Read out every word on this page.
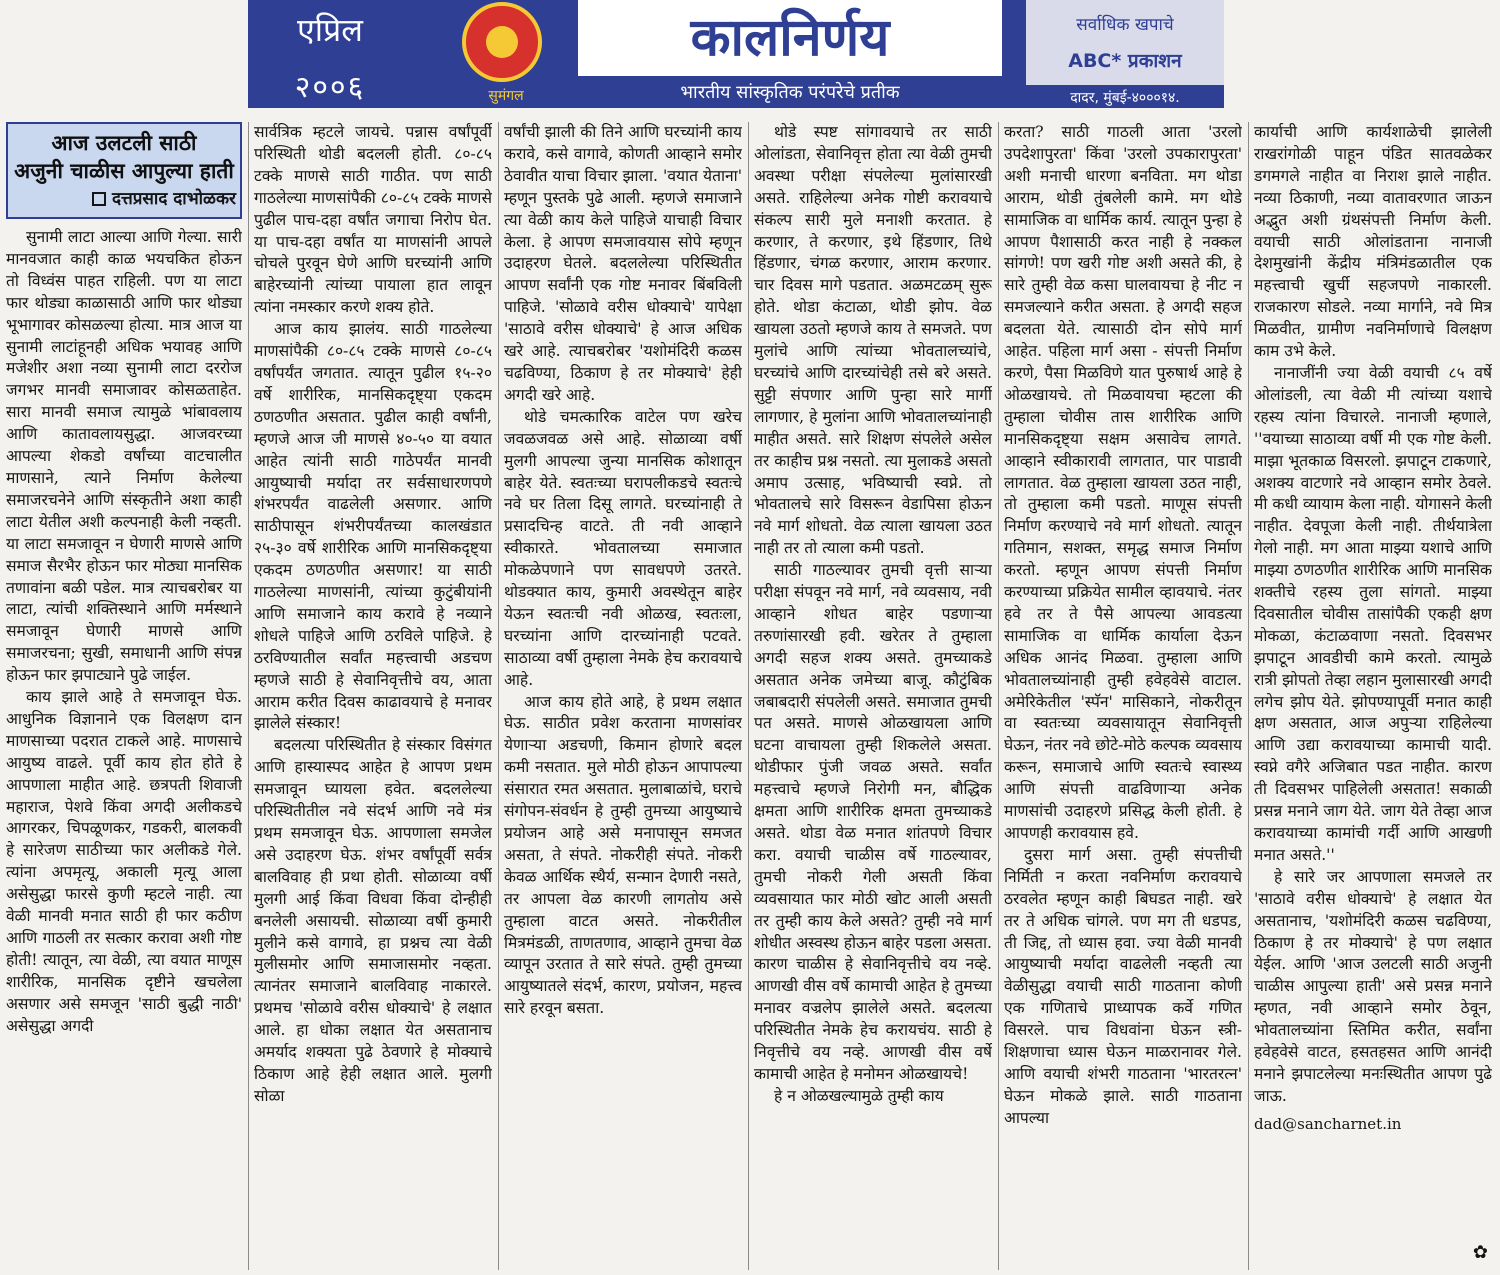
एप्रिल
२००६	सुमंगल
कालनिर्णय
भारतीय सांस्कृतिक परंपरेचे प्रतीक
सर्वाधिक खपाचे
ABC* प्रकाशन
दादर, मुंबई-४०००१४.
आज उलटली साठी
अजुनी चाळीस आपुल्या हाती
दत्तप्रसाद दाभोळकर

सुनामी लाटा आल्या आणि गेल्या. सारी मानवजात काही काळ भयचकित होऊन तो विध्वंस पाहत राहिली. पण या लाटा फार थोड्या काळासाठी आणि फार थोड्या भूभागावर कोसळल्या होत्या. मात्र आज या सुनामी लाटांहूनही अधिक भयावह आणि मजेशीर अशा नव्या सुनामी लाटा दररोज जगभर मानवी समाजावर कोसळताहेत. सारा मानवी समाज त्यामुळे भांबावलाय आणि कातावलायसुद्धा. आजवरच्या आपल्या शेकडो वर्षांच्या वाटचालीत माणसाने, त्याने निर्माण केलेल्या समाजरचनेने आणि संस्कृतीने अशा काही लाटा येतील अशी कल्पनाही केली नव्हती. या लाटा समजावून न घेणारी माणसे आणि समाज सैरभैर होऊन फार मोठ्या मानसिक तणावांना बळी पडेल. मात्र त्याचबरोबर या लाटा, त्यांची शक्तिस्थाने आणि मर्मस्थाने समजावून घेणारी माणसे आणि समाजरचना; सुखी, समाधानी आणि संपन्न होऊन फार झपाट्याने पुढे जाईल.

काय झाले आहे ते समजावून घेऊ. आधुनिक विज्ञानाने एक विलक्षण दान माणसाच्या पदरात टाकले आहे. माणसाचे आयुष्य वाढले. पूर्वी काय होत होते हे आपणाला माहीत आहे. छत्रपती शिवाजी महाराज, पेशवे किंवा अगदी अलीकडचे आगरकर, चिपळूणकर, गडकरी, बालकवी हे सारेजण साठीच्या फार अलीकडे गेले. त्यांना अपमृत्यू, अकाली मृत्यू आला असेसुद्धा फारसे कुणी म्हटले नाही. त्या वेळी मानवी मनात साठी ही फार कठीण आणि गाठली तर सत्कार करावा अशी गोष्ट होती! त्यातून, त्या वेळी, त्या वयात माणूस शारीरिक, मानसिक दृष्टीने खचलेला असणार असे समजून 'साठी बुद्धी नाठी' असेसुद्धा अगदी

सार्वत्रिक म्हटले जायचे. पन्नास वर्षांपूर्वी परिस्थिती थोडी बदलली होती. ८०-८५ टक्के माणसे साठी गाठीत. पण साठी गाठलेल्या माणसांपैकी ८०-८५ टक्के माणसे पुढील पाच-दहा वर्षांत जगाचा निरोप घेत. या पाच-दहा वर्षांत या माणसांनी आपले चोचले पुरवून घेणे आणि घरच्यांनी आणि बाहेरच्यांनी त्यांच्या पायाला हात लावून त्यांना नमस्कार करणे शक्य होते.

आज काय झालंय. साठी गाठलेल्या माणसांपैकी ८०-८५ टक्के माणसे ८०-८५ वर्षांपर्यंत जगतात. त्यातून पुढील १५-२० वर्षे शारीरिक, मानसिकदृष्ट्या एकदम ठणठणीत असतात. पुढील काही वर्षांनी, म्हणजे आज जी माणसे ४०-५० या वयात आहेत त्यांनी साठी गाठेपर्यंत मानवी आयुष्याची मर्यादा तर सर्वसाधारणपणे शंभरपर्यंत वाढलेली असणार. आणि साठीपासून शंभरीपर्यंतच्या कालखंडात २५-३० वर्षे शारीरिक आणि मानसिकदृष्ट्या एकदम ठणठणीत असणार! या साठी गाठलेल्या माणसांनी, त्यांच्या कुटुंबीयांनी आणि समाजाने काय करावे हे नव्याने शोधले पाहिजे आणि ठरविले पाहिजे. हे ठरविण्यातील सर्वांत महत्त्वाची अडचण म्हणजे साठी हे सेवानिवृत्तीचे वय, आता आराम करीत दिवस काढावयाचे हे मनावर झालेले संस्कार!

बदलत्या परिस्थितीत हे संस्कार विसंगत आणि हास्यास्पद आहेत हे आपण प्रथम समजावून घ्यायला हवेत. बदललेल्या परिस्थितीतील नवे संदर्भ आणि नवे मंत्र प्रथम समजावून घेऊ. आपणाला समजेल असे उदाहरण घेऊ. शंभर वर्षांपूर्वी सर्वत्र बालविवाह ही प्रथा होती. सोळाव्या वर्षी मुलगी आई किंवा विधवा किंवा दोन्हीही बनलेली असायची. सोळाव्या वर्षी कुमारी मुलीने कसे वागावे, हा प्रश्नच त्या वेळी मुलीसमोर आणि समाजासमोर नव्हता. त्यानंतर समाजाने बालविवाह नाकारले. प्रथमच 'सोळावे वरीस धोक्याचे' हे लक्षात आले. हा धोका लक्षात येत असतानाच अमर्याद शक्यता पुढे ठेवणारे हे मोक्याचे ठिकाण आहे हेही लक्षात आले. मुलगी सोळा

वर्षांची झाली की तिने आणि घरच्यांनी काय करावे, कसे वागावे, कोणती आव्हाने समोर ठेवावीत याचा विचार झाला. 'वयात येताना' म्हणून पुस्तके पुढे आली. म्हणजे समाजाने त्या वेळी काय केले पाहिजे याचाही विचार केला. हे आपण समजावयास सोपे म्हणून उदाहरण घेतले. बदललेल्या परिस्थितीत आपण सर्वांनी एक गोष्ट मनावर बिंबविली पाहिजे. 'सोळावे वरीस धोक्याचे' यापेक्षा 'साठावे वरीस धोक्याचे' हे आज अधिक खरे आहे. त्याचबरोबर 'यशोमंदिरी कळस चढविण्या, ठिकाण हे तर मोक्याचे' हेही अगदी खरे आहे.

थोडे चमत्कारिक वाटेल पण खरेच जवळजवळ असे आहे. सोळाव्या वर्षी मुलगी आपल्या जुन्या मानसिक कोशातून बाहेर येते. स्वतःच्या घरापलीकडचे स्वतःचे नवे घर तिला दिसू लागते. घरच्यांनाही ते प्रसादचिन्ह वाटते. ती नवी आव्हाने स्वीकारते. भोवतालच्या समाजात मोकळेपणाने पण सावधपणे उतरते. थोडक्यात काय, कुमारी अवस्थेतून बाहेर येऊन स्वतःची नवी ओळख, स्वतःला, घरच्यांना आणि दारच्यांनाही पटवते. साठाव्या वर्षी तुम्हाला नेमके हेच करावयाचे आहे.

आज काय होते आहे, हे प्रथम लक्षात घेऊ. साठीत प्रवेश करताना माणसांवर येणाऱ्या अडचणी, किमान होणारे बदल कमी नसतात. मुले मोठी होऊन आपापल्या संसारात रमत असतात. मुलाबाळांचे, घराचे संगोपन-संवर्धन हे तुम्ही तुमच्या आयुष्याचे प्रयोजन आहे असे मनापासून समजत असता, ते संपते. नोकरीही संपते. नोकरी केवळ आर्थिक स्थैर्य, सन्मान देणारी नसते, तर आपला वेळ कारणी लागतोय असे तुम्हाला वाटत असते. नोकरीतील मित्रमंडळी, ताणतणाव, आव्हाने तुमचा वेळ व्यापून उरतात ते सारे संपते. तुम्ही तुमच्या आयुष्यातले संदर्भ, कारण, प्रयोजन, महत्त्व सारे हरवून बसता.

थोडे स्पष्ट सांगावयाचे तर साठी ओलांडता, सेवानिवृत्त होता त्या वेळी तुमची अवस्था परीक्षा संपलेल्या मुलांसारखी असते. राहिलेल्या अनेक गोष्टी करावयाचे संकल्प सारी मुले मनाशी करतात. हे करणार, ते करणार, इथे हिंडणार, तिथे हिंडणार, चंगळ करणार, आराम करणार. चार दिवस मागे पडतात. अळमटळम् सुरू होते. थोडा कंटाळा, थोडी झोप. वेळ खायला उठतो म्हणजे काय ते समजते. पण मुलांचे आणि त्यांच्या भोवतालच्यांचे, घरच्यांचे आणि दारच्यांचेही तसे बरे असते. सुट्टी संपणार आणि पुन्हा सारे मार्गी लागणार, हे मुलांना आणि भोवतालच्यांनाही माहीत असते. सारे शिक्षण संपलेले असेल तर काहीच प्रश्न नसतो. त्या मुलाकडे असतो अमाप उत्साह, भविष्याची स्वप्ने. तो भोवतालचे सारे विसरून वेडापिसा होऊन नवे मार्ग शोधतो. वेळ त्याला खायला उठत नाही तर तो त्याला कमी पडतो.

साठी गाठल्यावर तुमची वृत्ती साऱ्या परीक्षा संपवून नवे मार्ग, नवे व्यवसाय, नवी आव्हाने शोधत बाहेर पडणाऱ्या तरुणांसारखी हवी. खरेतर ते तुम्हाला अगदी सहज शक्य असते. तुमच्याकडे असतात अनेक जमेच्या बाजू. कौटुंबिक जबाबदारी संपलेली असते. समाजात तुमची पत असते. माणसे ओळखायला आणि घटना वाचायला तुम्ही शिकलेले असता. थोडीफार पुंजी जवळ असते. सर्वांत महत्त्वाचे म्हणजे निरोगी मन, बौद्धिक क्षमता आणि शारीरिक क्षमता तुमच्याकडे असते. थोडा वेळ मनात शांतपणे विचार करा. वयाची चाळीस वर्षे गाठल्यावर, तुमची नोकरी गेली असती किंवा व्यवसायात फार मोठी खोट आली असती तर तुम्ही काय केले असते? तुम्ही नवे मार्ग शोधीत अस्वस्थ होऊन बाहेर पडला असता. कारण चाळीस हे सेवानिवृत्तीचे वय नव्हे. आणखी वीस वर्षे कामाची आहेत हे तुमच्या मनावर वज्रलेप झालेले असते. बदलत्या परिस्थितीत नेमके हेच करायचंय. साठी हे निवृत्तीचे वय नव्हे. आणखी वीस वर्षे कामाची आहेत हे मनोमन ओळखायचे!

हे न ओळखल्यामुळे तुम्ही काय

करता? साठी गाठली आता 'उरलो उपदेशापुरता' किंवा 'उरलो उपकारापुरता' अशी मनाची धारणा बनविता. मग थोडा आराम, थोडी तुंबलेली कामे. मग थोडे सामाजिक वा धार्मिक कार्य. त्यातून पुन्हा हे आपण पैशासाठी करत नाही हे नक्कल सांगणे! पण खरी गोष्ट अशी असते की, हे सारे तुम्ही वेळ कसा घालवायचा हे नीट न समजल्याने करीत असता. हे अगदी सहज बदलता येते. त्यासाठी दोन सोपे मार्ग आहेत. पहिला मार्ग असा - संपत्ती निर्माण करणे, पैसा मिळविणे यात पुरुषार्थ आहे हे ओळखायचे. तो मिळवायचा म्हटला की तुम्हाला चोवीस तास शारीरिक आणि मानसिकदृष्ट्या सक्षम असावेच लागते. आव्हाने स्वीकारावी लागतात, पार पाडावी लागतात. वेळ तुम्हाला खायला उठत नाही, तो तुम्हाला कमी पडतो. माणूस संपत्ती निर्माण करण्याचे नवे मार्ग शोधतो. त्यातून गतिमान, सशक्त, समृद्ध समाज निर्माण करतो. म्हणून आपण संपत्ती निर्माण करण्याच्या प्रक्रियेत सामील व्हावयाचे. नंतर हवे तर ते पैसे आपल्या आवडत्या सामाजिक वा धार्मिक कार्याला देऊन अधिक आनंद मिळवा. तुम्हाला आणि भोवतालच्यांनाही तुम्ही हवेहवेसे वाटाल. अमेरिकेतील 'स्पॅन' मासिकाने, नोकरीतून वा स्वतःच्या व्यवसायातून सेवानिवृत्ती घेऊन, नंतर नवे छोटे-मोठे कल्पक व्यवसाय करून, समाजाचे आणि स्वतःचे स्वास्थ्य आणि संपत्ती वाढविणाऱ्या अनेक माणसांची उदाहरणे प्रसिद्ध केली होती. हे आपणही करावयास हवे.

दुसरा मार्ग असा. तुम्ही संपत्तीची निर्मिती न करता नवनिर्माण करावयाचे ठरवलेत म्हणून काही बिघडत नाही. खरे तर ते अधिक चांगले. पण मग ती धडपड, ती जिद्द, तो ध्यास हवा. ज्या वेळी मानवी आयुष्याची मर्यादा वाढलेली नव्हती त्या वेळीसुद्धा वयाची साठी गाठताना कोणी एक गणिताचे प्राध्यापक कर्वे गणित विसरले. पाच विधवांना घेऊन स्त्री-शिक्षणाचा ध्यास घेऊन माळरानावर गेले. आणि वयाची शंभरी गाठताना 'भारतरत्न' घेऊन मोकळे झाले. साठी गाठताना आपल्या

कार्याची आणि कार्यशाळेची झालेली राखरांगोळी पाहून पंडित सातवळेकर डगमगले नाहीत वा निराश झाले नाहीत. नव्या ठिकाणी, नव्या वातावरणात जाऊन अद्भुत अशी ग्रंथसंपत्ती निर्माण केली. वयाची साठी ओलांडताना नानाजी देशमुखांनी केंद्रीय मंत्रिमंडळातील एक महत्त्वाची खुर्ची सहजपणे नाकारली. राजकारण सोडले. नव्या मार्गाने, नवे मित्र मिळवीत, ग्रामीण नवनिर्माणाचे विलक्षण काम उभे केले.

नानाजींनी ज्या वेळी वयाची ८५ वर्षे ओलांडली, त्या वेळी मी त्यांच्या यशाचे रहस्य त्यांना विचारले. नानाजी म्हणाले, ''वयाच्या साठाव्या वर्षी मी एक गोष्ट केली. माझा भूतकाळ विसरलो. झपाटून टाकणारे, अशक्य वाटणारे नवे आव्हान समोर ठेवले. मी कधी व्यायाम केला नाही. योगासने केली नाहीत. देवपूजा केली नाही. तीर्थयात्रेला गेलो नाही. मग आता माझ्या यशाचे आणि माझ्या ठणठणीत शारीरिक आणि मानसिक शक्तीचे रहस्य तुला सांगतो. माझ्या दिवसातील चोवीस तासांपैकी एकही क्षण मोकळा, कंटाळवाणा नसतो. दिवसभर झपाटून आवडीची कामे करतो. त्यामुळे रात्री झोपतो तेव्हा लहान मुलासारखी अगदी लगेच झोप येते. झोपण्यापूर्वी मनात काही क्षण असतात, आज अपुऱ्या राहिलेल्या आणि उद्या करावयाच्या कामाची यादी. स्वप्ने वगैरे अजिबात पडत नाहीत. कारण ती दिवसभर पाहिलेली असतात! सकाळी प्रसन्न मनाने जाग येते. जाग येते तेव्हा आज करावयाच्या कामांची गर्दी आणि आखणी मनात असते.''

हे सारे जर आपणाला समजले तर 'साठावे वरीस धोक्याचे' हे लक्षात येत असतानाच, 'यशोमंदिरी कळस चढविण्या, ठिकाण हे तर मोक्याचे' हे पण लक्षात येईल. आणि 'आज उलटली साठी अजुनी चाळीस आपुल्या हाती' असे प्रसन्न मनाने म्हणत, नवी आव्हाने समोर ठेवून, भोवतालच्यांना स्तिमित करीत, सर्वांना हवेहवेसे वाटत, हसतहसत आणि आनंदी मनाने झपाटलेल्या मनःस्थितीत आपण पुढे जाऊ.

dad@sancharnet.in
✿
